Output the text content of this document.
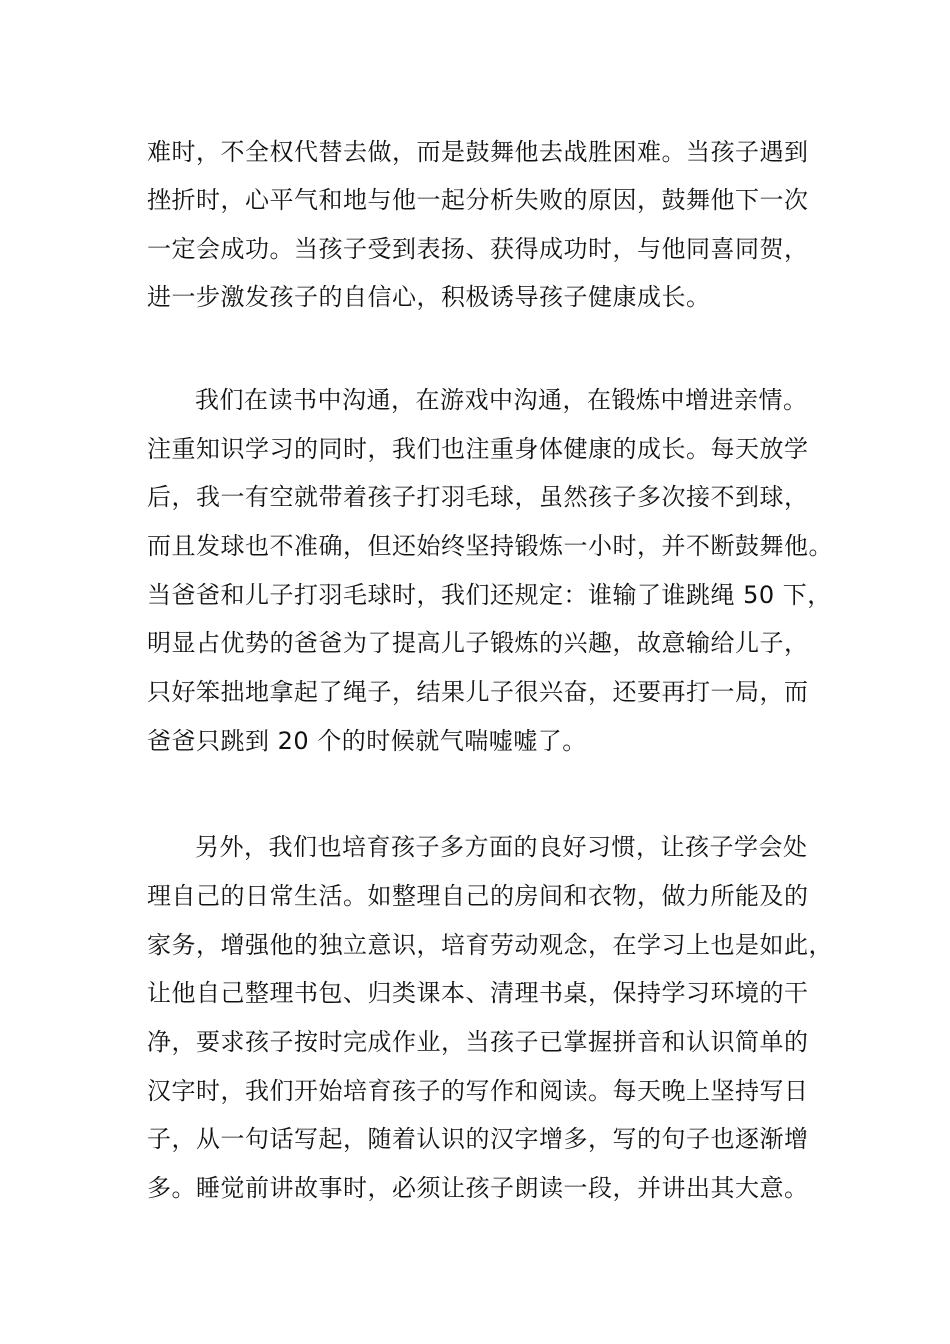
难时，不全权代替去做，而是鼓舞他去战胜困难。当孩子遇到
挫折时，心平气和地与他一起分析失败的原因，鼓舞他下一次
一定会成功。当孩子受到表扬、获得成功时，与他同喜同贺，
进一步激发孩子的自信心，积极诱导孩子健康成长。
我们在读书中沟通，在游戏中沟通，在锻炼中增进亲情。
注重知识学习的同时，我们也注重身体健康的成长。每天放学
后，我一有空就带着孩子打羽毛球，虽然孩子多次接不到球，
而且发球也不准确，但还始终坚持锻炼一小时，并不断鼓舞他。
当爸爸和儿子打羽毛球时，我们还规定：谁输了谁跳绳 50 下，
明显占优势的爸爸为了提高儿子锻炼的兴趣，故意输给儿子，
只好笨拙地拿起了绳子，结果儿子很兴奋，还要再打一局，而
爸爸只跳到 20 个的时候就气喘嘘嘘了。
另外，我们也培育孩子多方面的良好习惯，让孩子学会处
理自己的日常生活。如整理自己的房间和衣物，做力所能及的
家务，增强他的独立意识，培育劳动观念，在学习上也是如此，
让他自己整理书包、归类课本、清理书桌，保持学习环境的干
净，要求孩子按时完成作业，当孩子已掌握拼音和认识简单的
汉字时，我们开始培育孩子的写作和阅读。每天晚上坚持写日
子，从一句话写起，随着认识的汉字增多，写的句子也逐渐增
多。睡觉前讲故事时，必须让孩子朗读一段，并讲出其大意。
